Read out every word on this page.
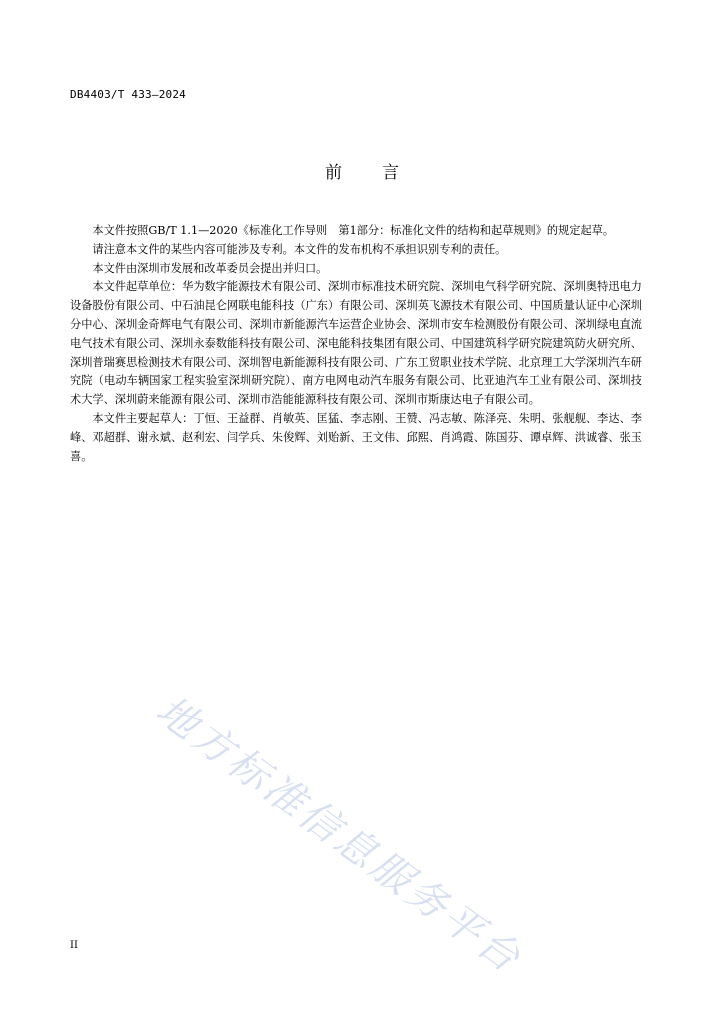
DB4403/T 433—2024
前言

本文件按照GB/T 1.1—2020《标准化工作导则　第1部分：标准化文件的结构和起草规则》的规定起草。

请注意本文件的某些内容可能涉及专利。本文件的发布机构不承担识别专利的责任。

本文件由深圳市发展和改革委员会提出并归口。

本文件起草单位：华为数字能源技术有限公司、深圳市标准技术研究院、深圳电气科学研究院、深圳奥特迅电力设备股份有限公司、中石油昆仑网联电能科技（广东）有限公司、深圳英飞源技术有限公司、中国质量认证中心深圳分中心、深圳金奇辉电气有限公司、深圳市新能源汽车运营企业协会、深圳市安车检测股份有限公司、深圳绿电直流电气技术有限公司、深圳永泰数能科技有限公司、深电能科技集团有限公司、中国建筑科学研究院建筑防火研究所、深圳普瑞赛思检测技术有限公司、深圳智电新能源科技有限公司、广东工贸职业技术学院、北京理工大学深圳汽车研究院（电动车辆国家工程实验室深圳研究院）、南方电网电动汽车服务有限公司、比亚迪汽车工业有限公司、深圳技术大学、深圳蔚来能源有限公司、深圳市浩能能源科技有限公司、深圳市斯康达电子有限公司。

本文件主要起草人：丁恒、王益群、肖敏英、匡猛、李志刚、王赞、冯志敏、陈泽亮、朱明、张舰舰、李达、李峰、邓超群、谢永斌、赵利宏、闫学兵、朱俊辉、刘贻新、王文伟、邱熙、肖鸿霞、陈国芬、谭卓辉、洪诚睿、张玉喜。

地方标准信息服务平台
II
